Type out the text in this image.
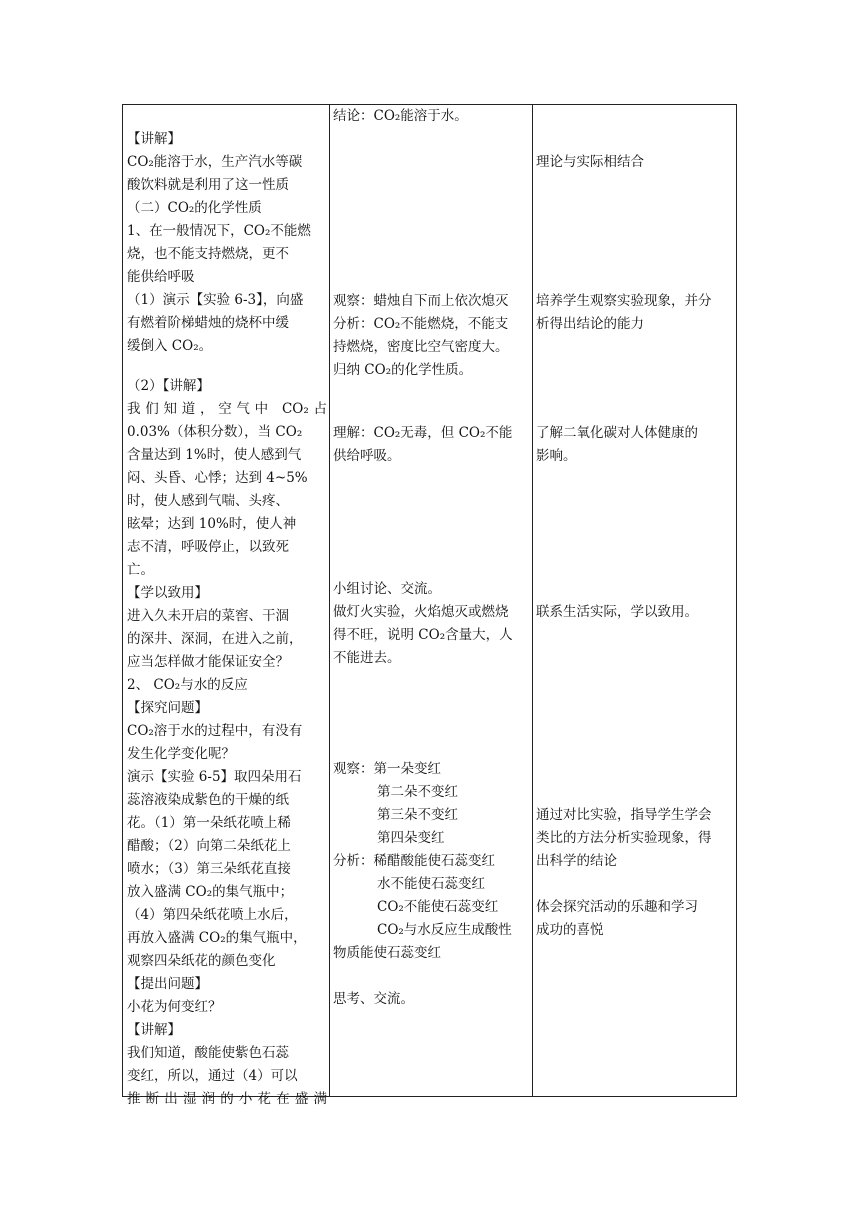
【讲解】
CO₂能溶于水，生产汽水等碳
酸饮料就是利用了这一性质
（二）CO₂的化学性质
1、在一般情况下，CO₂不能燃
烧，也不能支持燃烧，更不
能供给呼吸
（1）演示【实验 6-3】，向盛
有燃着阶梯蜡烛的烧杯中缓
缓倒入 CO₂。
（2）【讲解】
我们知道，空气中 CO₂占
0.03%（体积分数），当 CO₂
含量达到 1%时，使人感到气
闷、头昏、心悸；达到 4~5%
时，使人感到气喘、头疼、
眩晕；达到 10%时，使人神
志不清，呼吸停止，以致死
亡。
【学以致用】
进入久未开启的菜窖、干涸
的深井、深洞，在进入之前，
应当怎样做才能保证安全？
2、 CO₂与水的反应
【探究问题】
CO₂溶于水的过程中，有没有
发生化学变化呢？
演示【实验 6-5】取四朵用石
蕊溶液染成紫色的干燥的纸
花。（1）第一朵纸花喷上稀
醋酸；（2）向第二朵纸花上
喷水；（3）第三朵纸花直接
放入盛满 CO₂的集气瓶中；
（4）第四朵纸花喷上水后，
再放入盛满 CO₂的集气瓶中，
观察四朵纸花的颜色变化
【提出问题】
小花为何变红？
【讲解】
我们知道，酸能使紫色石蕊
变红，所以，通过（4）可以
推断出湿润的小花在盛满
结论：CO₂能溶于水。
观察：蜡烛自下而上依次熄灭
分析：CO₂不能燃烧，不能支
持燃烧，密度比空气密度大。
归纳 CO₂的化学性质。
理解：CO₂无毒，但 CO₂不能
供给呼吸。
小组讨论、交流。
做灯火实验，火焰熄灭或燃烧
得不旺，说明 CO₂含量大，人
不能进去。
观察：第一朵变红
第二朵不变红
第三朵不变红
第四朵变红
分析：稀醋酸能使石蕊变红
水不能使石蕊变红
CO₂不能使石蕊变红
CO₂与水反应生成酸性
物质能使石蕊变红
思考、交流。
理论与实际相结合
培养学生观察实验现象，并分
析得出结论的能力
了解二氧化碳对人体健康的
影响。
联系生活实际，学以致用。
通过对比实验，指导学生学会
类比的方法分析实验现象，得
出科学的结论
体会探究活动的乐趣和学习
成功的喜悦
